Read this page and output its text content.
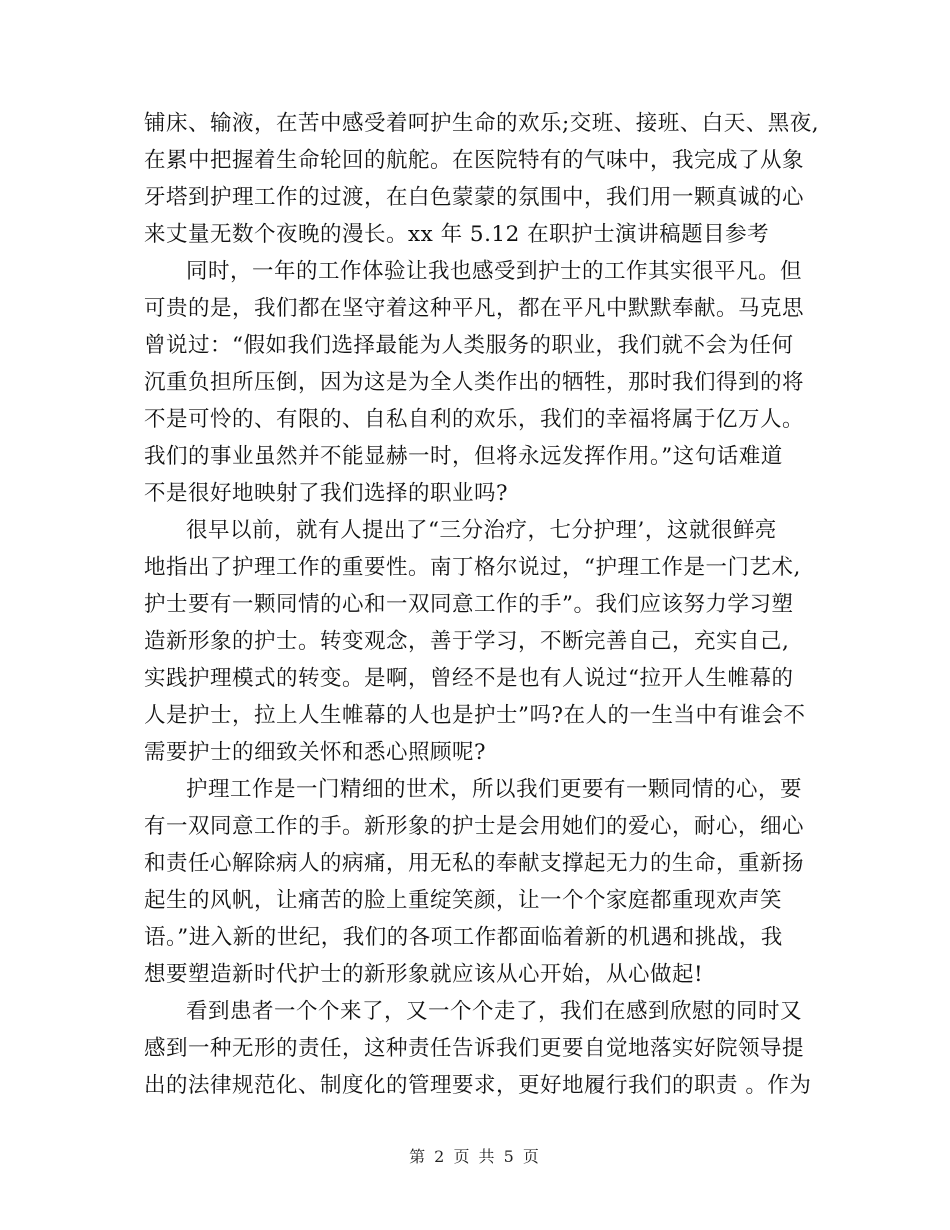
铺床、输液，在苦中感受着呵护生命的欢乐;交班、接班、白天、黑夜,
在累中把握着生命轮回的航舵。在医院特有的气味中，我完成了从象
牙塔到护理工作的过渡，在白色蒙蒙的氛围中，我们用一颗真诚的心
来丈量无数个夜晚的漫长。xx 年 5.12 在职护士演讲稿题目参考
同时，一年的工作体验让我也感受到护士的工作其实很平凡。但
可贵的是，我们都在坚守着这种平凡，都在平凡中默默奉献。马克思
曾说过：“假如我们选择最能为人类服务的职业，我们就不会为任何
沉重负担所压倒，因为这是为全人类作出的牺牲，那时我们得到的将
不是可怜的、有限的、自私自利的欢乐，我们的幸福将属于亿万人。
我们的事业虽然并不能显赫一时，但将永远发挥作用。”这句话难道
不是很好地映射了我们选择的职业吗?
很早以前，就有人提出了“三分治疗，七分护理’，这就很鲜亮
地指出了护理工作的重要性。南丁格尔说过，“护理工作是一门艺术,
护士要有一颗同情的心和一双同意工作的手”。我们应该努力学习塑
造新形象的护士。转变观念，善于学习，不断完善自己，充实自己,
实践护理模式的转变。是啊，曾经不是也有人说过“拉开人生帷幕的
人是护士，拉上人生帷幕的人也是护士”吗?在人的一生当中有谁会不
需要护士的细致关怀和悉心照顾呢?
护理工作是一门精细的世术，所以我们更要有一颗同情的心，要
有一双同意工作的手。新形象的护士是会用她们的爱心，耐心，细心
和责任心解除病人的病痛，用无私的奉献支撑起无力的生命，重新扬
起生的风帆，让痛苦的脸上重绽笑颜，让一个个家庭都重现欢声笑
语。”进入新的世纪，我们的各项工作都面临着新的机遇和挑战，我
想要塑造新时代护士的新形象就应该从心开始，从心做起!
看到患者一个个来了，又一个个走了，我们在感到欣慰的同时又
感到一种无形的责任，这种责任告诉我们更要自觉地落实好院领导提
出的法律规范化、制度化的管理要求，更好地履行我们的职责 。作为
第 2 页 共 5 页
